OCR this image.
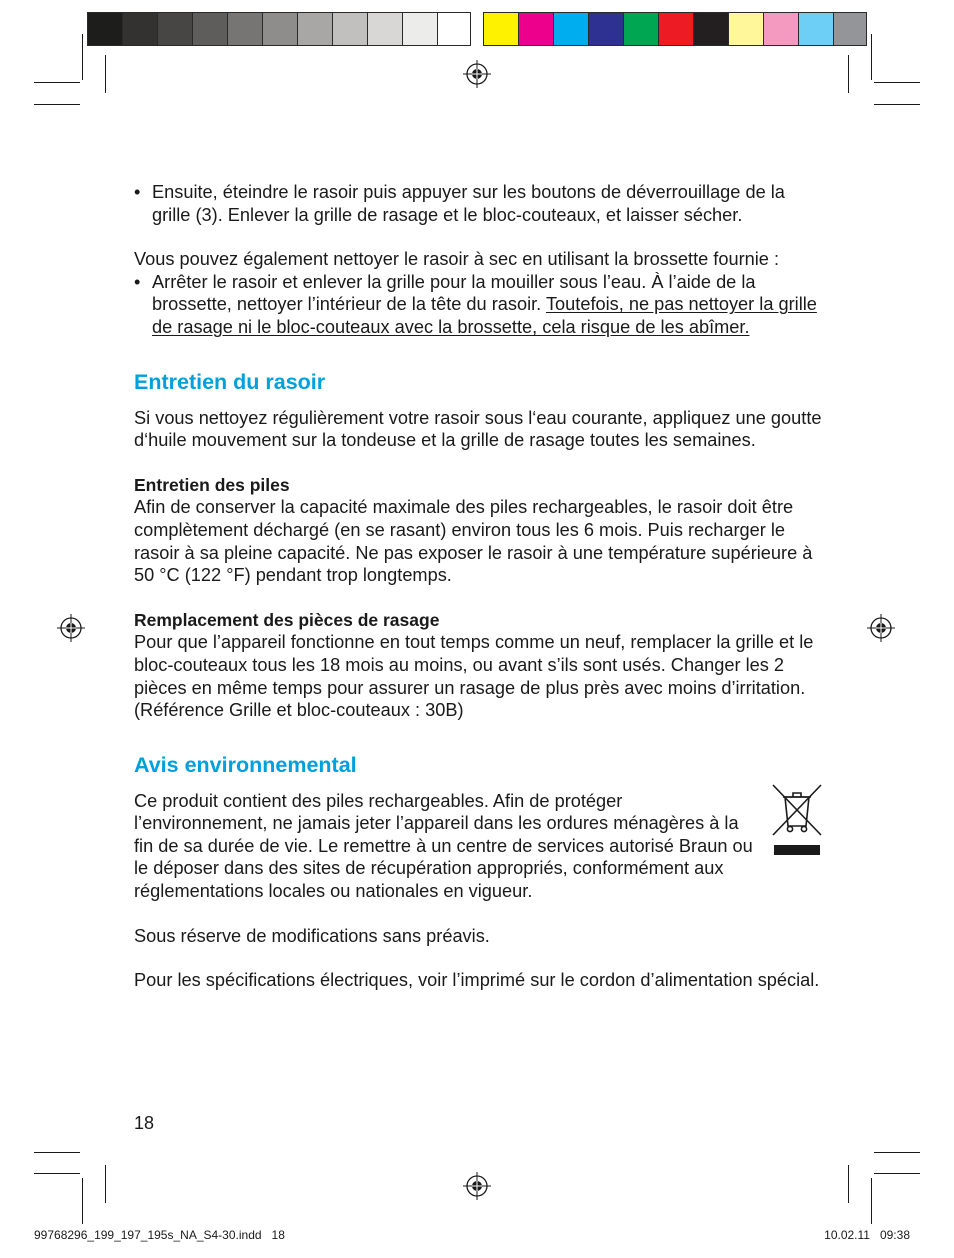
• Ensuite, éteindre le rasoir puis appuyer sur les boutons de déverrouillage de la grille (3). Enlever la grille de rasage et le bloc-couteaux, et laisser sécher.
Vous pouvez également nettoyer le rasoir à sec en utilisant la brossette fournie :
• Arrêter le rasoir et enlever la grille pour la mouiller sous l’eau. À l’aide de la brossette, nettoyer l’intérieur de la tête du rasoir. Toutefois, ne pas nettoyer la grille de rasage ni le bloc-couteaux avec la brossette, cela risque de les abîmer.
Entretien du rasoir
Si vous nettoyez régulièrement votre rasoir sous l‘eau courante, appliquez une goutte d‘huile mouvement sur la tondeuse et la grille de rasage toutes les semaines.
Entretien des piles
Afin de conserver la capacité maximale des piles rechargeables, le rasoir doit être complètement déchargé (en se rasant) environ tous les 6 mois. Puis recharger le rasoir à sa pleine capacité. Ne pas exposer le rasoir à une température supérieure à 50 °C (122 °F) pendant trop longtemps.
Remplacement des pièces de rasage
Pour que l’appareil fonctionne en tout temps comme un neuf, remplacer la grille et le bloc-couteaux tous les 18 mois au moins, ou avant s’ils sont usés. Changer les 2 pièces en même temps pour assurer un rasage de plus près avec moins d’irritation. (Référence Grille et bloc-couteaux : 30B)
Avis environnemental
Ce produit contient des piles rechargeables. Afin de protéger l’environnement, ne jamais jeter l’appareil dans les ordures ménagères à la fin de sa durée de vie. Le remettre à un centre de services autorisé Braun ou le déposer dans des sites de récupération appropriés, conformément aux réglementations locales ou nationales en vigueur.
Sous réserve de modifications sans préavis.
Pour les spécifications électriques, voir l’imprimé sur le cordon d’alimentation spécial.
18
99768296_199_197_195s_NA_S4-30.indd   18	10.02.11   09:38
